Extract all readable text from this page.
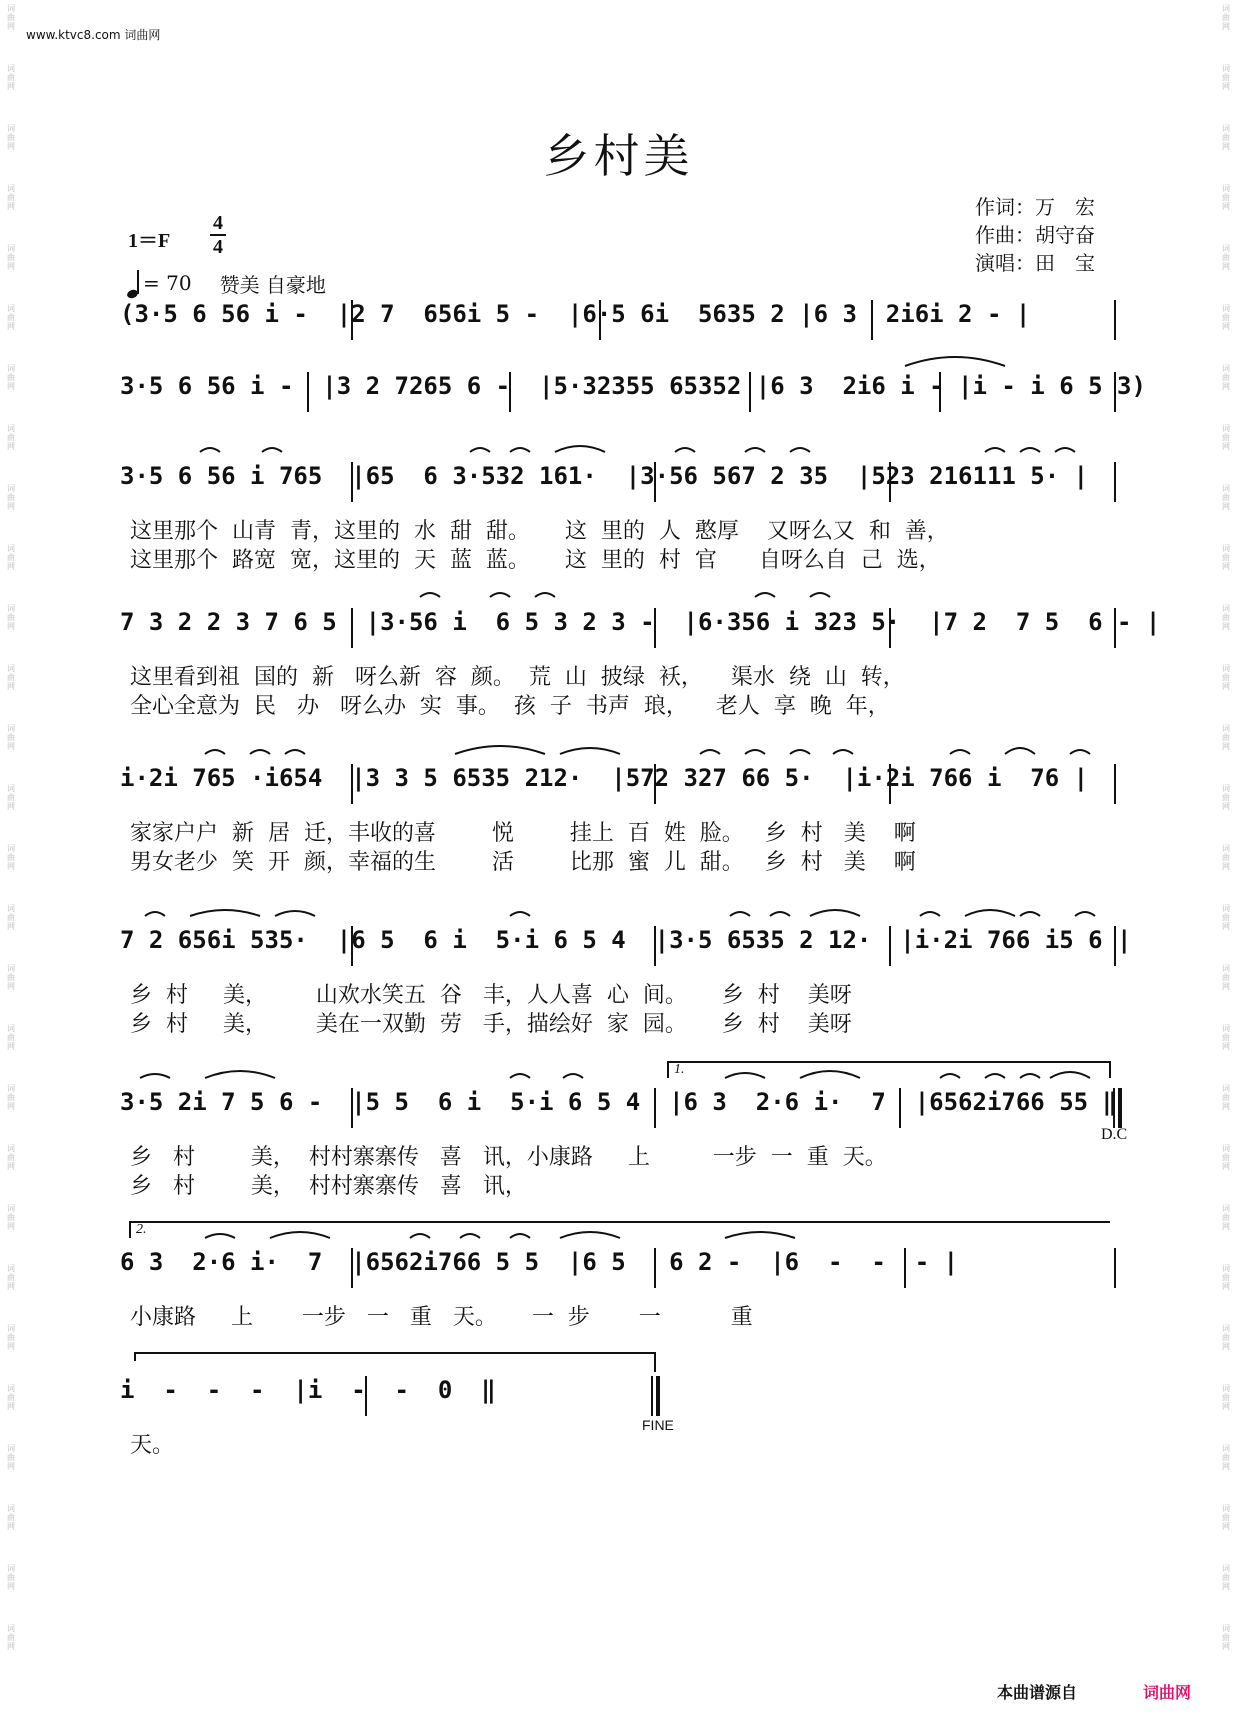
词
曲
网
词
曲
网
词
曲
网
词
曲
网
词
曲
网
词
曲
网
词
曲
网
词
曲
网
词
曲
网
词
曲
网
词
曲
网
词
曲
网
词
曲
网
词
曲
网
词
曲
网
词
曲
网
词
曲
网
词
曲
网
词
曲
网
词
曲
网
词
曲
网
词
曲
网
词
曲
网
词
曲
网
词
曲
网
词
曲
网
词
曲
网
词
曲
网
词
曲
网
词
曲
网
词
曲
网
词
曲
网
词
曲
网
词
曲
网
词
曲
网
词
曲
网
词
曲
网
词
曲
网
词
曲
网
词
曲
网
词
曲
网
词
曲
网
词
曲
网
词
曲
网
词
曲
网
词
曲
网
词
曲
网
词
曲
网
词
曲
网
词
曲
网
词
曲
网
词
曲
网
词
曲
网
词
曲
网
词
曲
网
词
曲
网
www.ktvc8.com 词曲网
乡村美
作词：万　宏
作曲：胡守奋
演唱：田　宝
1＝F
4
4
= 70 赞美 自豪地
(3·5 6 56 i -  |2 7  656i 5 -  |6·5 6i  5635 2 |6 3  2i6i 2 - |
3·5 6 56 i -  |3 2 7265 6 -  |5·32355 65352 |6 3  2i6 i - |i - i 6 5 3)
3·5 6 56 i 765  |65  6 3·532 161·  |3·56 567 2 35  |523 216111 5· |
这里那个  山青  青，这里的  水  甜  甜。     这  里的  人  憨厚    又呀么又  和  善，
这里那个  路宽  宽，这里的  天  蓝  蓝。     这  里的  村  官      自呀么自  己  选，
7 3 2 2 3 7 6 5  |3·56 i  6 5 3 2 3 -  |6·356 i 323 5·  |7 2  7 5  6 - |
这里看到祖  国的  新   呀么新  容  颜。  荒  山  披绿  袄，    渠水  绕  山  转，
全心全意为  民   办   呀么办  实  事。  孩  子  书声  琅，    老人  享  晚  年，
i·2i 765 ·i654  |3 3 5 6535 212·  |572 327 66 5·  |i·2i 766 i  76 |
家家户户  新  居  迁，丰收的喜        悦        挂上  百  姓  脸。   乡  村   美    啊
男女老少  笑  开  颜，幸福的生        活        比那  蜜  儿  甜。   乡  村   美    啊
7 2 656i 535·  |6 5  6 i  5·i 6 5 4  |3·5 6535 2 12·  |i·2i 766 i5 6 |
乡  村     美，       山欢水笑五  谷   丰，人人喜  心  间。     乡  村    美呀
乡  村     美，       美在一双勤  劳   手，描绘好  家  园。     乡  村    美呀
1.
3·5 2i 7 5 6 -  |5 5  6 i  5·i 6 5 4  |6 3  2·6 i·  7  |6562i766 55 ‖
D.C
乡   村        美，  村村寨寨传   喜   讯，小康路     上         一步  一  重  天。
乡   村        美，  村村寨寨传   喜   讯，
2.
6 3  2·6 i·  7  |6562i766 5 5  |6 5   6 2 -  |6  -  -  - |
小康路     上       一步   一   重   天。     一  步       一          重
i  -  -  -  |i  -  -  0  ‖
FINE
天。
本曲谱源自	词曲网
